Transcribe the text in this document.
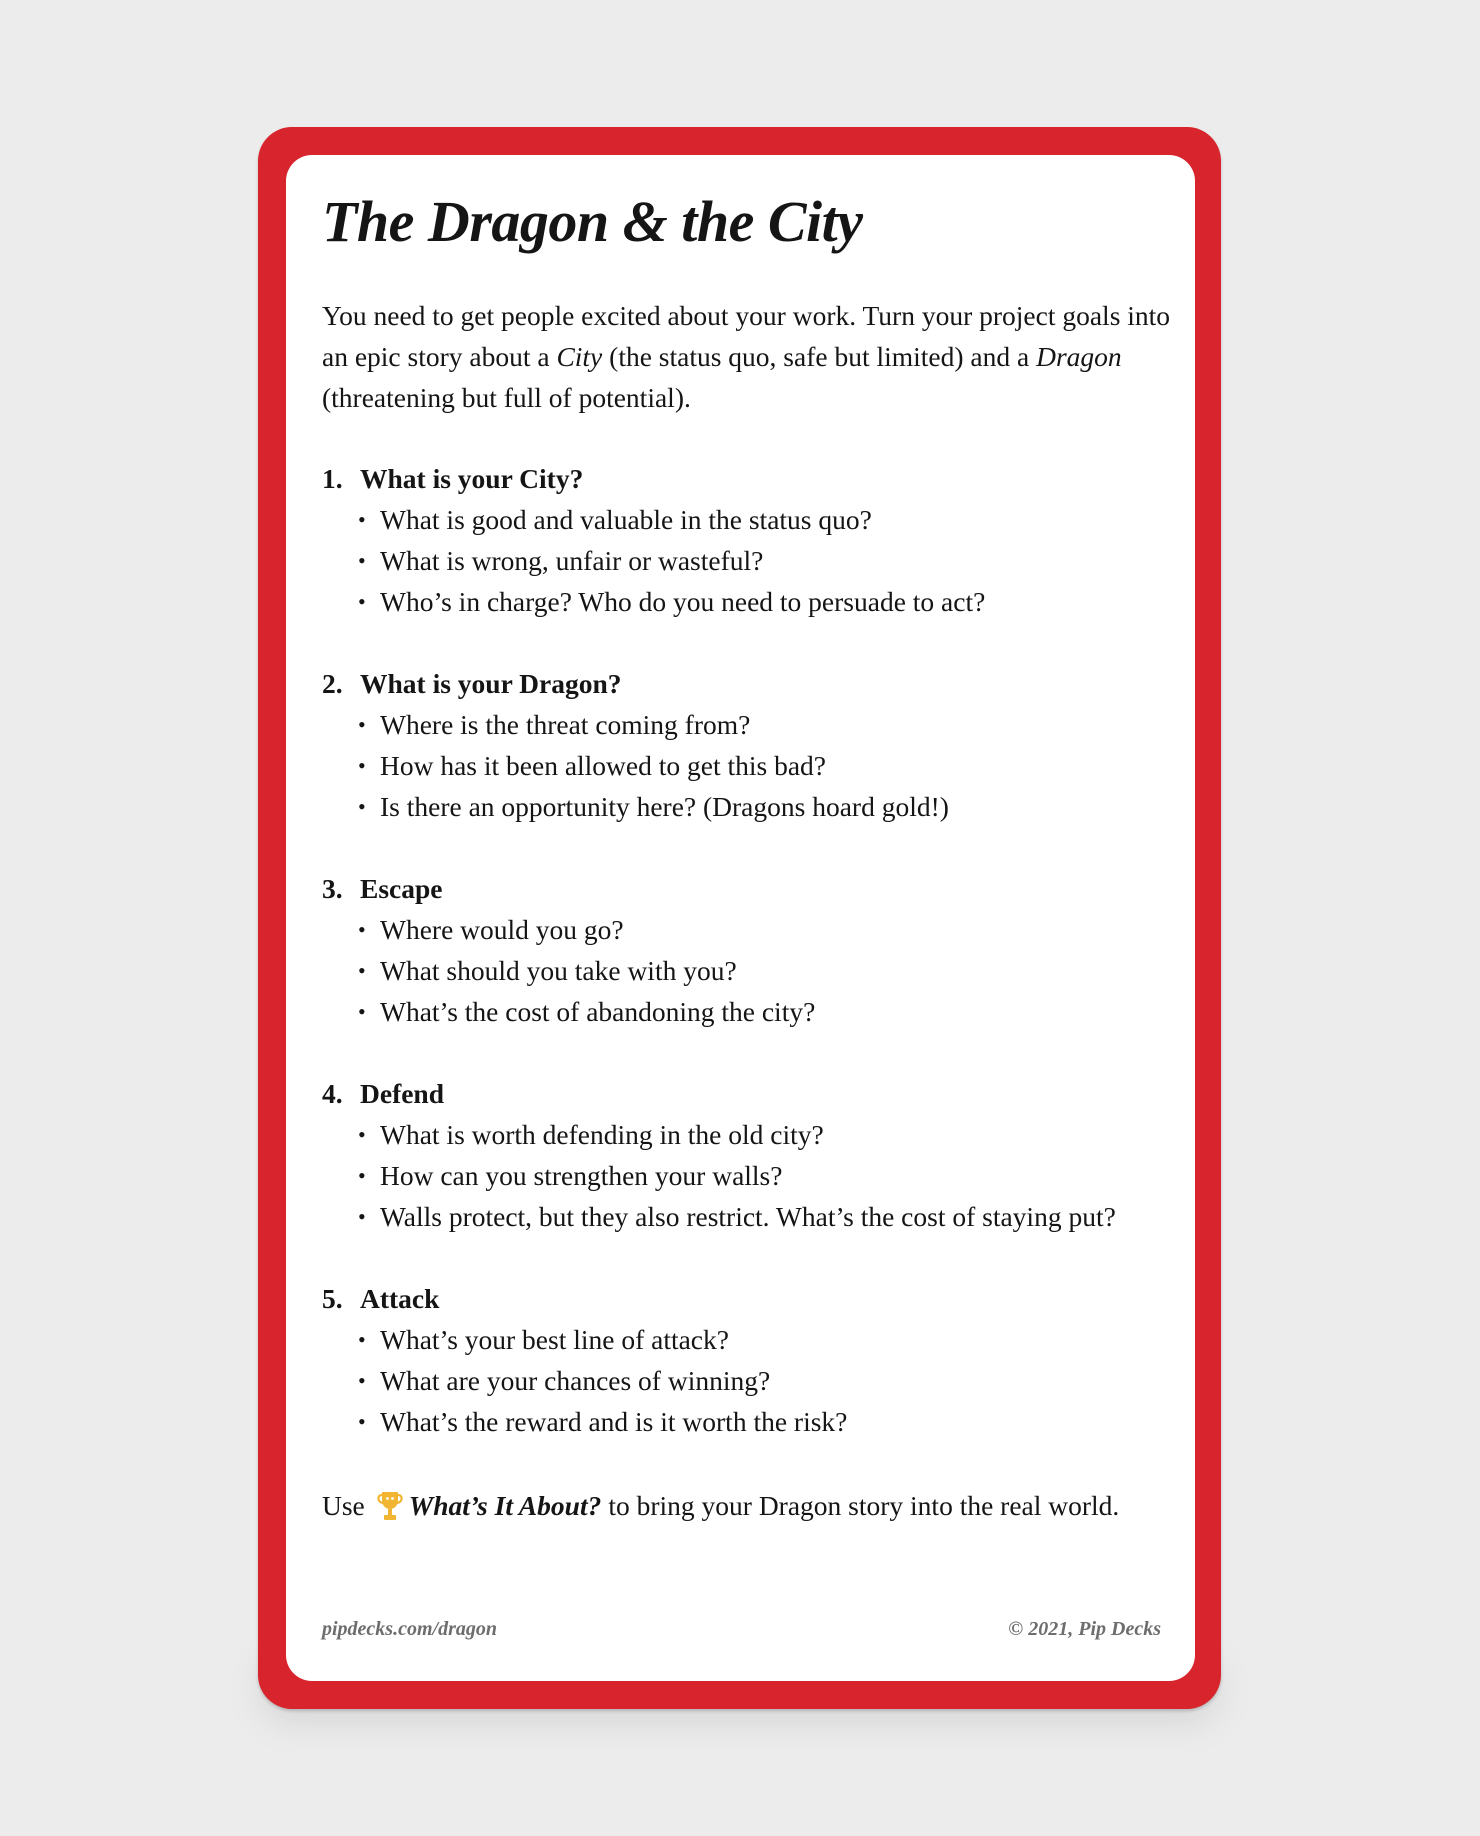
The Dragon & the City

You need to get people excited about your work. Turn your project goals into an epic story about a City (the status quo, safe but limited) and a Dragon (threatening but full of potential).

1. What is your City?
• What is good and valuable in the status quo?
• What is wrong, unfair or wasteful?
• Who’s in charge? Who do you need to persuade to act?
2. What is your Dragon?
• Where is the threat coming from?
• How has it been allowed to get this bad?
• Is there an opportunity here? (Dragons hoard gold!)
3. Escape
• Where would you go?
• What should you take with you?
• What’s the cost of abandoning the city?
4. Defend
• What is worth defending in the old city?
• How can you strengthen your walls?
• Walls protect, but they also restrict. What’s the cost of staying put?
5. Attack
• What’s your best line of attack?
• What are your chances of winning?
• What’s the reward and is it worth the risk?

Use What’s It About? to bring your Dragon story into the real world.

pipdecks.com/dragon	© 2021, Pip Decks
